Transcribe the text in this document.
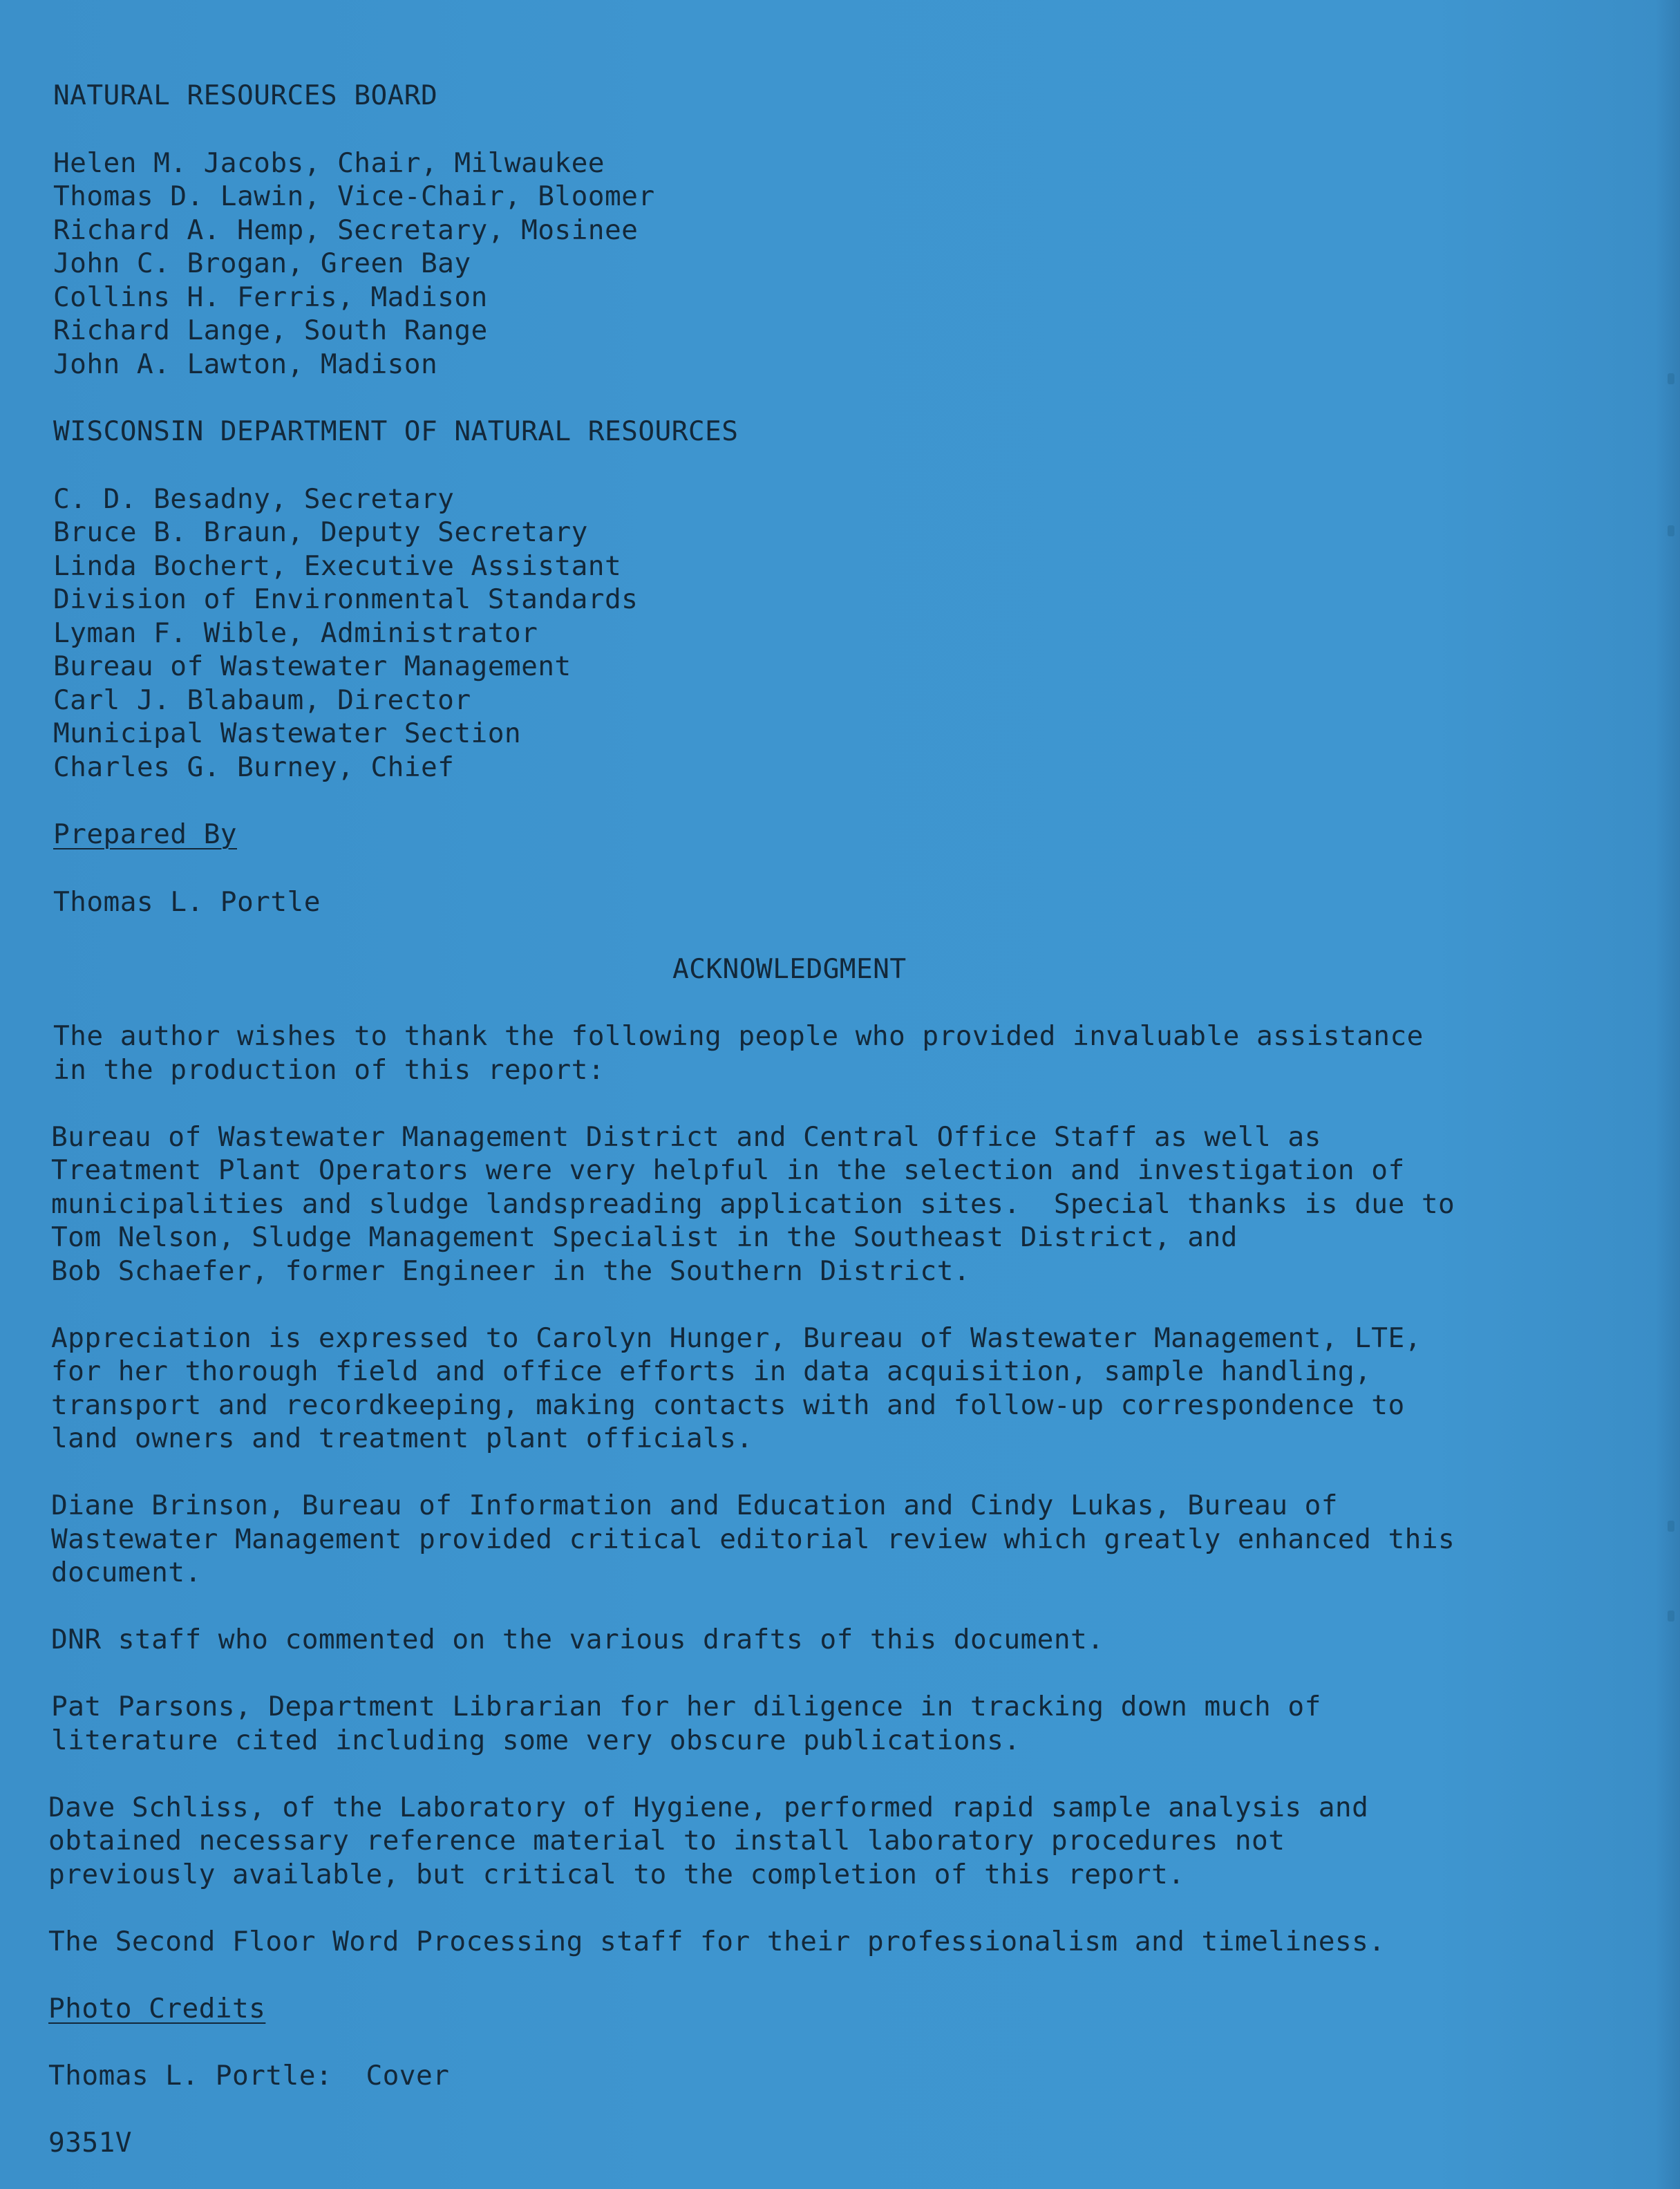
NATURAL RESOURCES BOARD
Helen M. Jacobs, Chair, Milwaukee
Thomas D. Lawin, Vice-Chair, Bloomer
Richard A. Hemp, Secretary, Mosinee
John C. Brogan, Green Bay
Collins H. Ferris, Madison
Richard Lange, South Range
John A. Lawton, Madison
WISCONSIN DEPARTMENT OF NATURAL RESOURCES
C. D. Besadny, Secretary
Bruce B. Braun, Deputy Secretary
Linda Bochert, Executive Assistant
Division of Environmental Standards
Lyman F. Wible, Administrator
Bureau of Wastewater Management
Carl J. Blabaum, Director
Municipal Wastewater Section
Charles G. Burney, Chief
Prepared By
Thomas L. Portle
ACKNOWLEDGMENT
The author wishes to thank the following people who provided invaluable assistance
in the production of this report:
Bureau of Wastewater Management District and Central Office Staff as well as
Treatment Plant Operators were very helpful in the selection and investigation of
municipalities and sludge landspreading application sites.  Special thanks is due to
Tom Nelson, Sludge Management Specialist in the Southeast District, and
Bob Schaefer, former Engineer in the Southern District.
Appreciation is expressed to Carolyn Hunger, Bureau of Wastewater Management, LTE,
for her thorough field and office efforts in data acquisition, sample handling,
transport and recordkeeping, making contacts with and follow-up correspondence to
land owners and treatment plant officials.
Diane Brinson, Bureau of Information and Education and Cindy Lukas, Bureau of
Wastewater Management provided critical editorial review which greatly enhanced this
document.
DNR staff who commented on the various drafts of this document.
Pat Parsons, Department Librarian for her diligence in tracking down much of
literature cited including some very obscure publications.
Dave Schliss, of the Laboratory of Hygiene, performed rapid sample analysis and
obtained necessary reference material to install laboratory procedures not
previously available, but critical to the completion of this report.
The Second Floor Word Processing staff for their professionalism and timeliness.
Photo Credits
Thomas L. Portle:  Cover
9351V
